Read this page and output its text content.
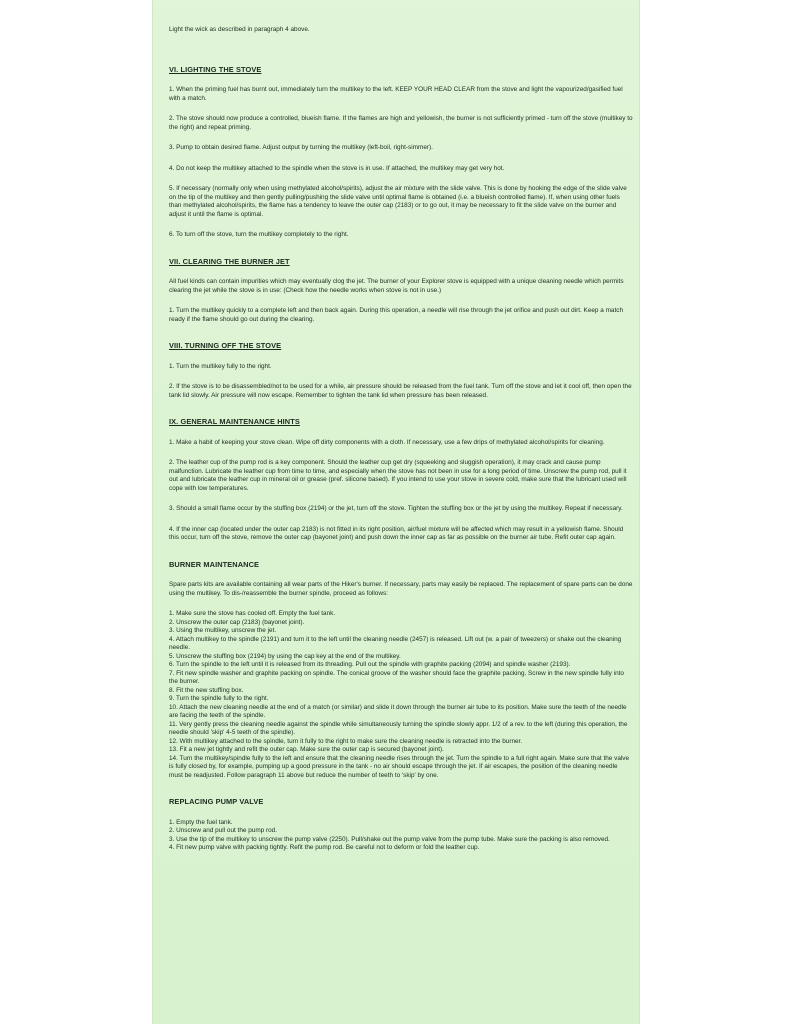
Light the wick as described in paragraph 4 above.

VI. LIGHTING THE STOVE

1. When the priming fuel has burnt out, immediately turn the multikey to the left. KEEP YOUR HEAD CLEAR from the stove and light the vapourized/gasified fuel with a match.

2. The stove should now produce a controlled, blueish flame. If the flames are high and yellowish, the burner is not sufficiently primed - turn off the stove (multikey to the right) and repeat priming.

3. Pump to obtain desired flame. Adjust output by turning the multikey (left-boil, right-simmer).

4. Do not keep the multikey attached to the spindle when the stove is in use. If attached, the multikey may get very hot.

5. If necessary (normally only when using methylated alcohol/spirits), adjust the air mixture with the slide valve. This is done by hooking the edge of the slide valve on the tip of the multikey and then gently pulling/pushing the slide valve until optimal flame is obtained (i.e. a blueish controlled flame). If, when using other fuels than methylated alcohol/spirits, the flame has a tendency to leave the outer cap (2183) or to go out, it may be necessary to fit the slide valve on the burner and adjust it until the flame is optimal.

6. To turn off the stove, turn the multikey completely to the right.

VII. CLEARING THE BURNER JET

All fuel kinds can contain impurities which may eventually clog the jet. The burner of your Explorer stove is equipped with a unique cleaning needle which permits clearing the jet while the stove is in use: (Check how the needle works when stove is not in use.)

1. Turn the multikey quickly to a complete left and then back again. During this operation, a needle will rise through the jet orifice and push out dirt. Keep a match ready if the flame should go out during the clearing.

VIII. TURNING OFF THE STOVE

1. Turn the multikey fully to the right.

2. If the stove is to be disassembled/not to be used for a while, air pressure should be released from the fuel tank. Turn off the stove and let it cool off, then open the tank lid slowly. Air pressure will now escape. Remember to tighten the tank lid when pressure has been released.

IX. GENERAL MAINTENANCE HINTS

1. Make a habit of keeping your stove clean. Wipe off dirty components with a cloth. If necessary, use a few drips of methylated alcohol/spirits for cleaning.

2. The leather cup of the pump rod is a key component. Should the leather cup get dry (squeeking and sluggish operation), it may crack and cause pump malfunction. Lubricate the leather cup from time to time, and especially when the stove has not been in use for a long period of time. Unscrew the pump rod, pull it out and lubricate the leather cup in mineral oil or grease (pref. silicone based). If you intend to use your stove in severe cold, make sure that the lubricant used will cope with low temperatures.

3. Should a small flame occur by the stuffing box (2194) or the jet, turn off the stove. Tighten the stuffing box or the jet by using the multikey. Repeat if necessary.

4. If the inner cap (located under the outer cap 2183) is not fitted in its right position, air/fuel mixture will be affected which may result in a yellowish flame. Should this occur, turn off the stove, remove the outer cap (bayonet joint) and push down the inner cap as far as possible on the burner air tube. Refit outer cap again.

BURNER MAINTENANCE

Spare parts kits are available containing all wear parts of the Hiker's burner. If necessary, parts may easily be replaced. The replacement of spare parts can be done using the multikey. To dis-/reassemble the burner spindle, proceed as follows:

1. Make sure the stove has cooled off. Empty the fuel tank.

2. Unscrew the outer cap (2183) (bayonet joint).

3. Using the multikey, unscrew the jet.

4. Attach multikey to the spindle (2191) and turn it to the left until the cleaning needle (2457) is released. Lift out (w. a pair of tweezers) or shake out the cleaning needle.

5. Unscrew the stuffing box (2194) by using the cap key at the end of the multikey.

6. Turn the spindle to the left until it is released from its threading. Pull out the spindle with graphite packing (2094) and spindle washer (2193).

7. Fit new spindle washer and graphite packing on spindle. The conical groove of the washer should face the graphite packing. Screw in the new spindle fully into the burner.

8. Fit the new stuffing box.

9. Turn the spindle fully to the right.

10. Attach the new cleaning needle at the end of a match (or similar) and slide it down through the burner air tube to its position. Make sure the teeth of the needle are facing the teeth of the spindle.

11. Very gently press the cleaning needle against the spindle while simultaneously turning the spindle slowly appr. 1/2 of a rev. to the left (during this operation, the needle should 'skip' 4-5 teeth of the spindle).

12. With multikey attached to the spindle, turn it fully to the right to make sure the cleaning needle is retracted into the burner.

13. Fit a new jet tightly and refit the outer cap. Make sure the outer cap is secured (bayonet joint).

14. Turn the multikey/spindle fully to the left and ensure that the cleaning needle rises through the jet. Turn the spindle to a full right again. Make sure that the valve is fully closed by, for example, pumping up a good pressure in the tank - no air should escape through the jet. If air escapes, the position of the cleaning needle must be readjusted. Follow paragraph 11 above but reduce the number of teeth to 'skip' by one.

REPLACING PUMP VALVE

1. Empty the fuel tank.

2. Unscrew and pull out the pump rod.

3. Use the tip of the multikey to unscrew the pump valve (2250). Pull/shake out the pump valve from the pump tube. Make sure the packing is also removed.

4. Fit new pump valve with packing tightly. Refit the pump rod. Be careful not to deform or fold the leather cup.
